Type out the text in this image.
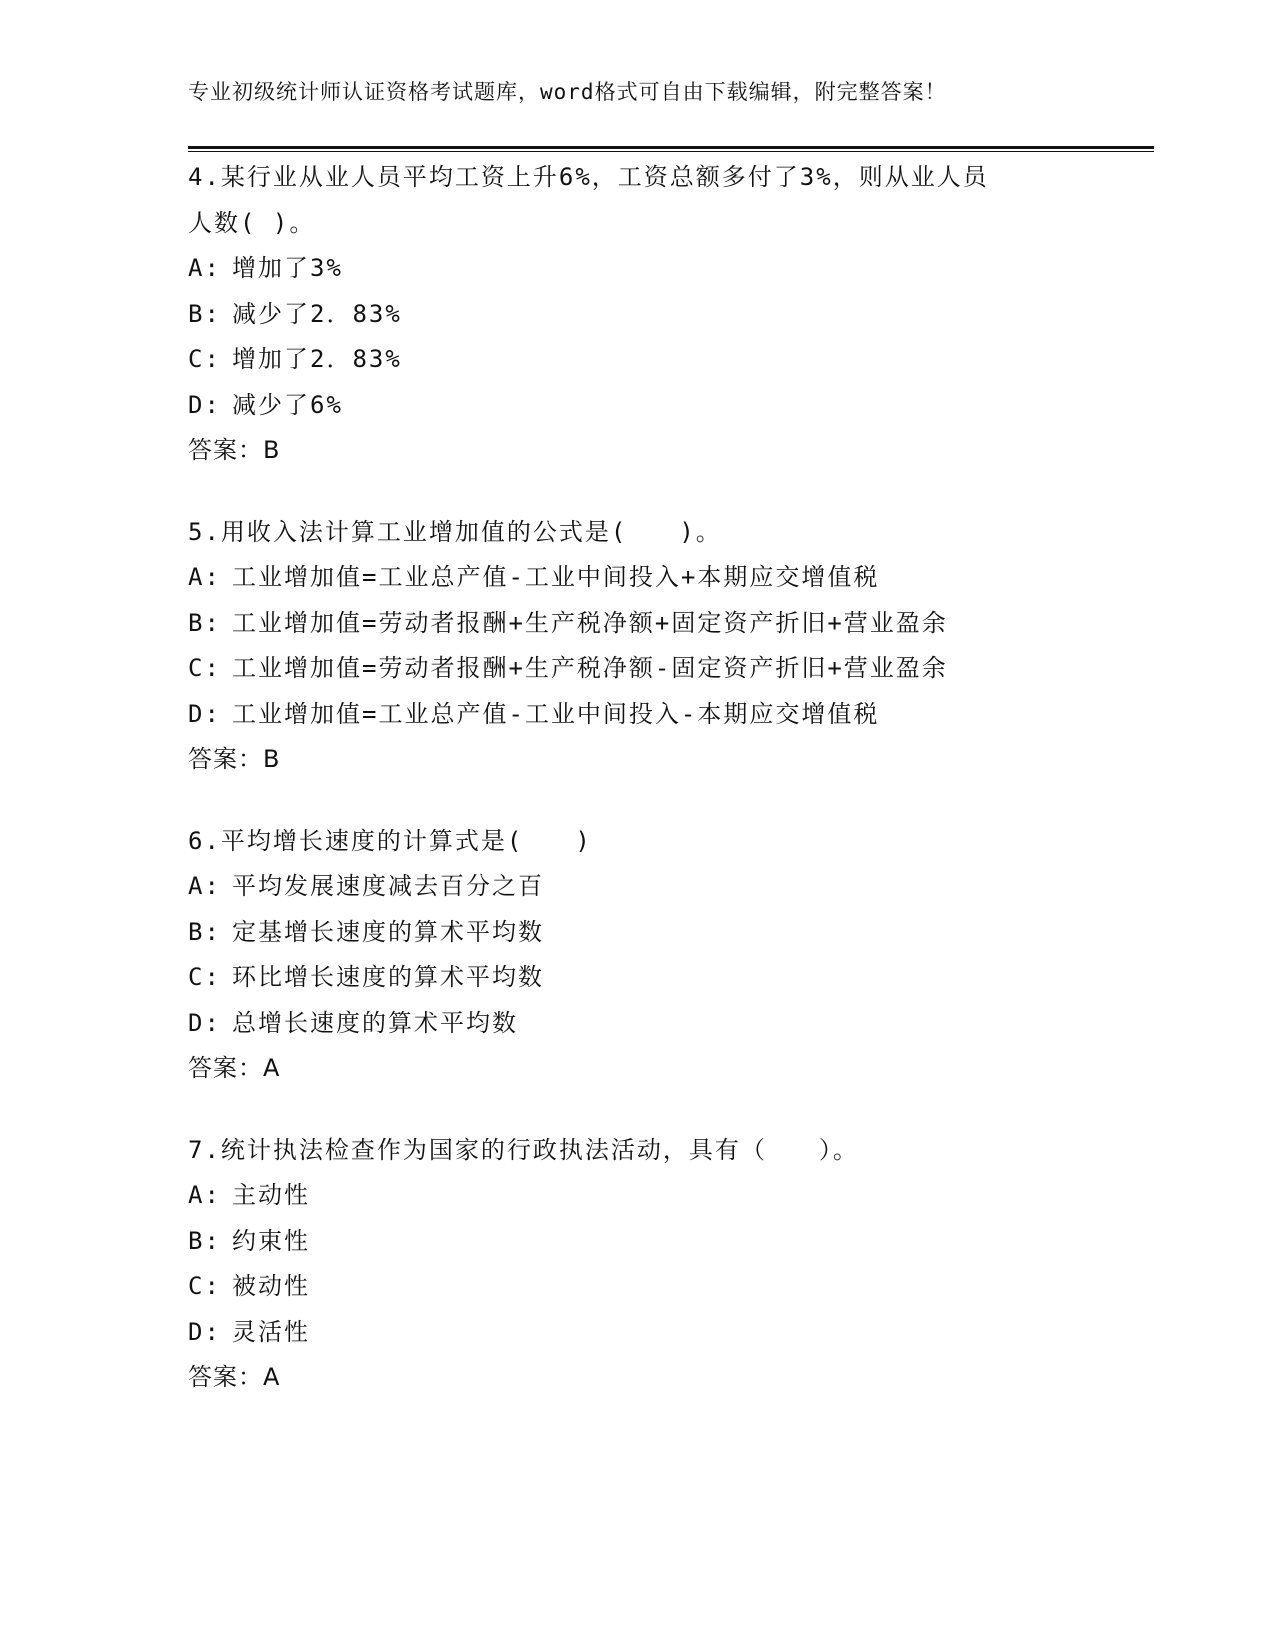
专业初级统计师认证资格考试题库，word格式可自由下载编辑，附完整答案！
4.某行业从业人员平均工资上升6%，工资总额多付了3%，则从业人员
人数( )。
A: 增加了3%
B: 减少了2．83%
C: 增加了2．83%
D: 减少了6%
答案：B
5.用收入法计算工业增加值的公式是(　　)。
A: 工业增加值=工业总产值-工业中间投入+本期应交增值税
B: 工业增加值=劳动者报酬+生产税净额+固定资产折旧+营业盈余
C: 工业增加值=劳动者报酬+生产税净额-固定资产折旧+营业盈余
D: 工业增加值=工业总产值-工业中间投入-本期应交增值税
答案：B
6.平均增长速度的计算式是(　　)
A: 平均发展速度减去百分之百
B: 定基增长速度的算术平均数
C: 环比增长速度的算术平均数
D: 总增长速度的算术平均数
答案：A
7.统计执法检查作为国家的行政执法活动，具有（　　）。
A: 主动性
B: 约束性
C: 被动性
D: 灵活性
答案：A
